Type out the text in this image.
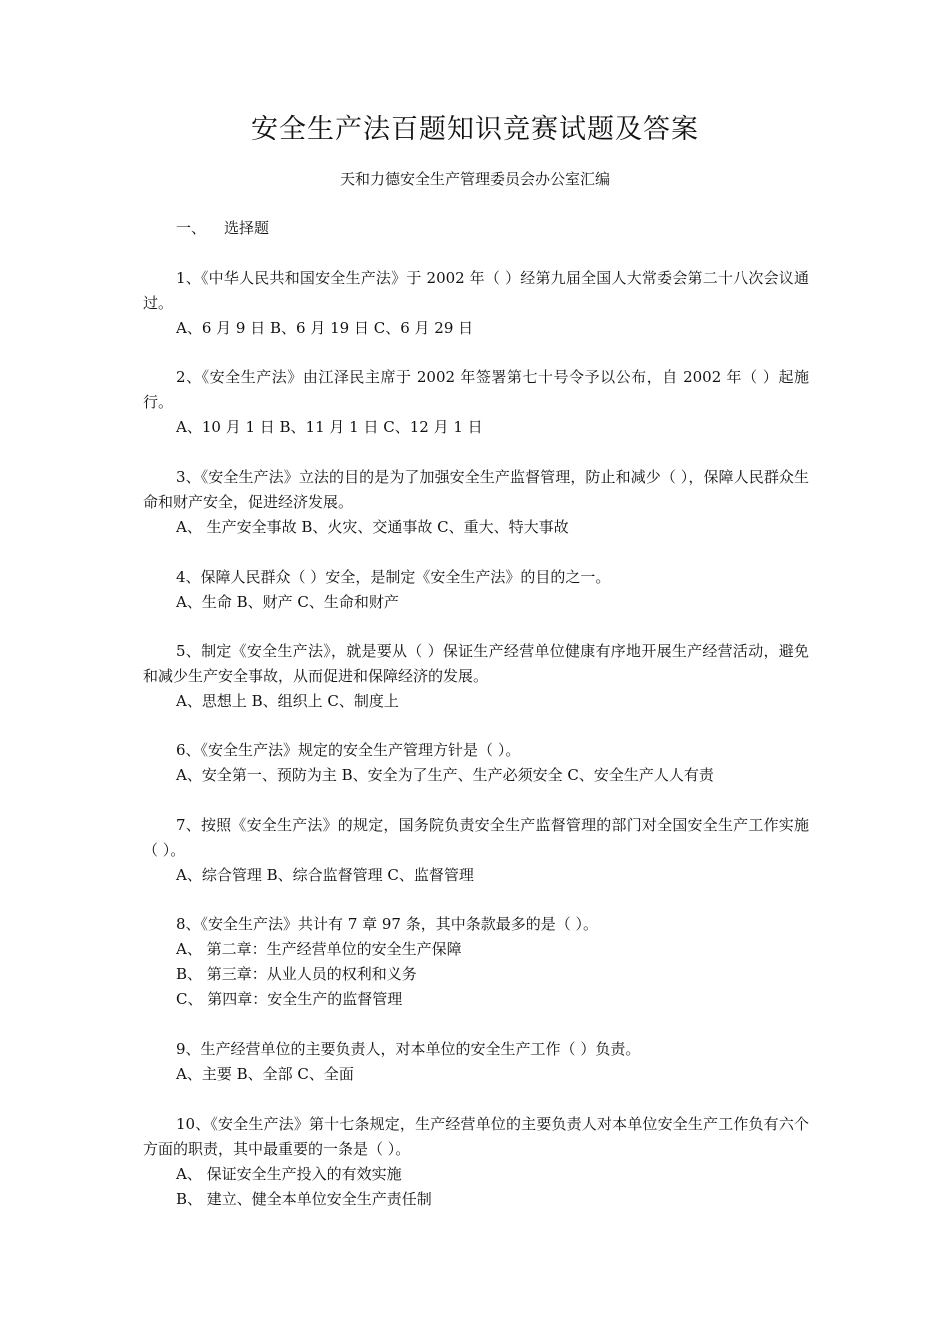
安全生产法百题知识竞赛试题及答案
天和力德安全生产管理委员会办公室汇编
一、 选择题

1、《中华人民共和国安全生产法》于 2002 年（ ）经第九届全国人大常委会第二十八次会议通过。

A、6 月 9 日 B、6 月 19 日 C、6 月 29 日

2、《安全生产法》由江泽民主席于 2002 年签署第七十号令予以公布，自 2002 年（ ）起施行。

A、10 月 1 日 B、11 月 1 日 C、12 月 1 日

3、《安全生产法》立法的目的是为了加强安全生产监督管理，防止和减少（ ），保障人民群众生命和财产安全，促进经济发展。

A、 生产安全事故 B、火灾、交通事故 C、重大、特大事故

4、保障人民群众（ ）安全，是制定《安全生产法》的目的之一。

A、生命 B、财产 C、生命和财产

5、制定《安全生产法》，就是要从（ ）保证生产经营单位健康有序地开展生产经营活动，避免和减少生产安全事故，从而促进和保障经济的发展。

A、思想上 B、组织上 C、制度上

6、《安全生产法》规定的安全生产管理方针是（ ）。

A、安全第一、预防为主 B、安全为了生产、生产必须安全 C、安全生产人人有责

7、按照《安全生产法》的规定，国务院负责安全生产监督管理的部门对全国安全生产工作实施（ ）。

A、综合管理 B、综合监督管理 C、监督管理

8、《安全生产法》共计有 7 章 97 条，其中条款最多的是（ ）。

A、 第二章：生产经营单位的安全生产保障

B、 第三章：从业人员的权利和义务

C、 第四章：安全生产的监督管理

9、生产经营单位的主要负责人，对本单位的安全生产工作（ ）负责。

A、主要 B、全部 C、全面

10、《安全生产法》第十七条规定，生产经营单位的主要负责人对本单位安全生产工作负有六个方面的职责，其中最重要的一条是（ ）。

A、 保证安全生产投入的有效实施

B、 建立、健全本单位安全生产责任制
